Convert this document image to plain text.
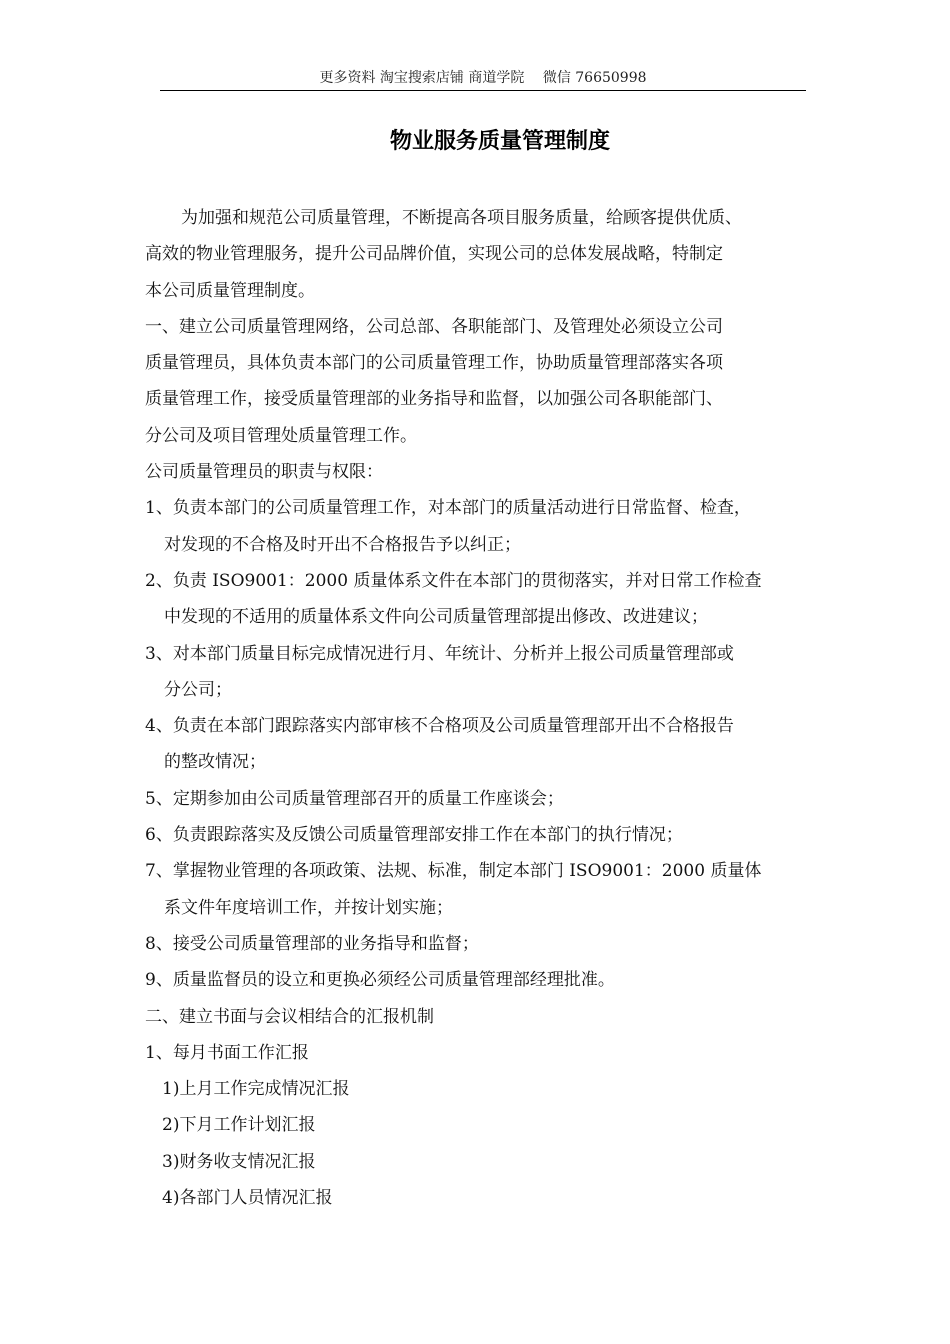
更多资料 淘宝搜索店铺 商道学院　 微信 76650998
物业服务质量管理制度
为加强和规范公司质量管理，不断提高各项目服务质量，给顾客提供优质、
高效的物业管理服务，提升公司品牌价值，实现公司的总体发展战略，特制定
本公司质量管理制度。
一、建立公司质量管理网络，公司总部、各职能部门、及管理处必须设立公司
质量管理员，具体负责本部门的公司质量管理工作，协助质量管理部落实各项
质量管理工作，接受质量管理部的业务指导和监督，以加强公司各职能部门、
分公司及项目管理处质量管理工作。
公司质量管理员的职责与权限：
1、负责本部门的公司质量管理工作，对本部门的质量活动进行日常监督、检查，
对发现的不合格及时开出不合格报告予以纠正；
2、负责 ISO9001：2000 质量体系文件在本部门的贯彻落实，并对日常工作检查
中发现的不适用的质量体系文件向公司质量管理部提出修改、改进建议；
3、对本部门质量目标完成情况进行月、年统计、分析并上报公司质量管理部或
分公司；
4、负责在本部门跟踪落实内部审核不合格项及公司质量管理部开出不合格报告
的整改情况；
5、定期参加由公司质量管理部召开的质量工作座谈会；
6、负责跟踪落实及反馈公司质量管理部安排工作在本部门的执行情况；
7、掌握物业管理的各项政策、法规、标准，制定本部门 ISO9001：2000 质量体
系文件年度培训工作，并按计划实施；
8、接受公司质量管理部的业务指导和监督；
9、质量监督员的设立和更换必须经公司质量管理部经理批准。
二、建立书面与会议相结合的汇报机制
1、每月书面工作汇报
1)上月工作完成情况汇报
2)下月工作计划汇报
3)财务收支情况汇报
4)各部门人员情况汇报
